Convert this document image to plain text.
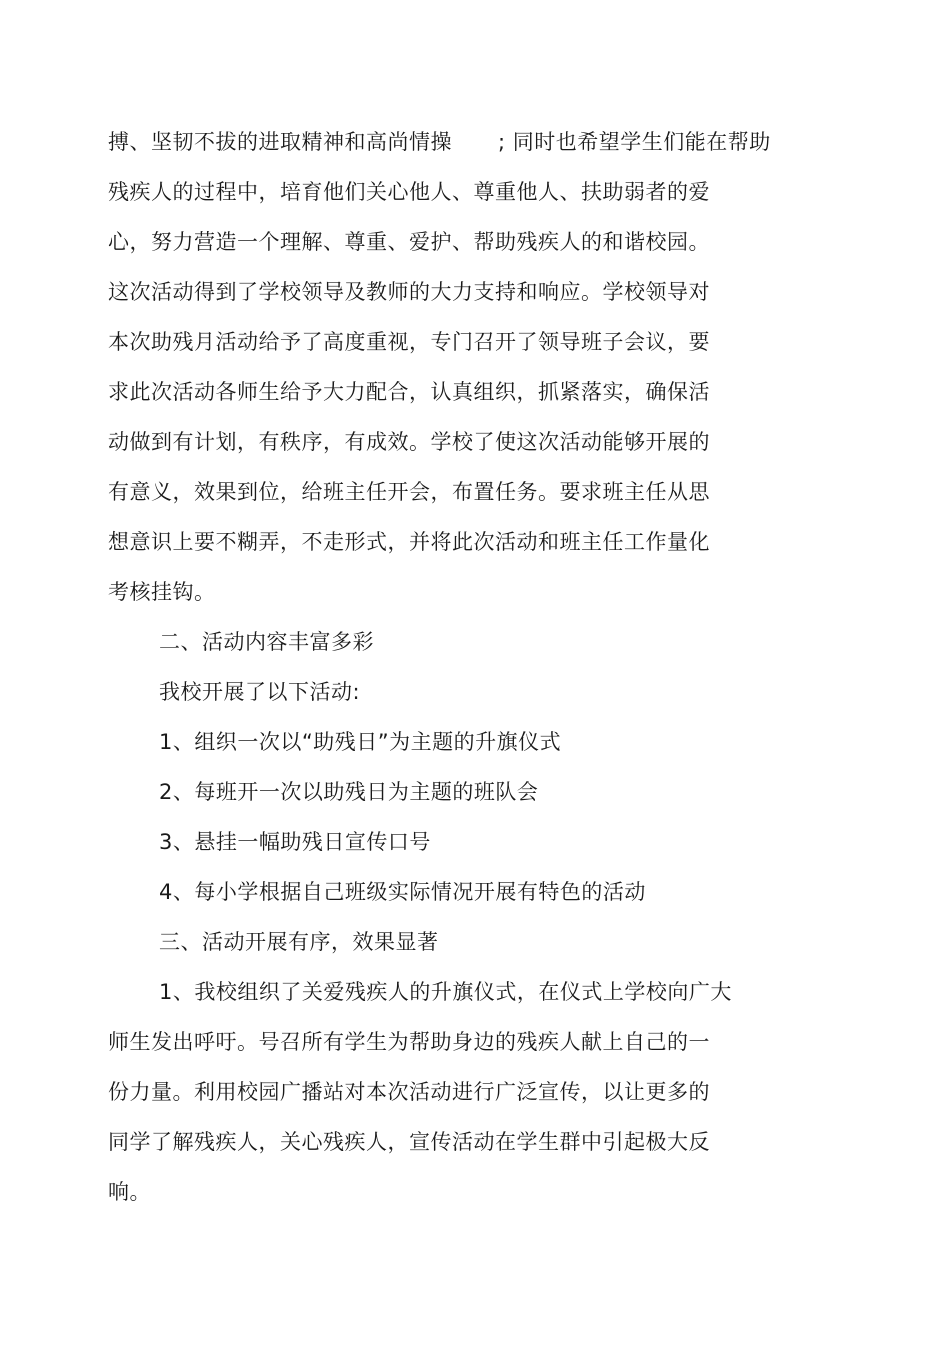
搏、坚韧不拔的进取精神和高尚情操 ; 同时也希望学生们能在帮助

残疾人的过程中，培育他们关心他人、尊重他人、扶助弱者的爱

心，努力营造一个理解、尊重、爱护、帮助残疾人的和谐校园。

这次活动得到了学校领导及教师的大力支持和响应。学校领导对

本次助残月活动给予了高度重视，专门召开了领导班子会议，要

求此次活动各师生给予大力配合，认真组织，抓紧落实，确保活

动做到有计划，有秩序，有成效。学校了使这次活动能够开展的

有意义，效果到位，给班主任开会，布置任务。要求班主任从思

想意识上要不糊弄，不走形式，并将此次活动和班主任工作量化

考核挂钩。

二、活动内容丰富多彩

我校开展了以下活动:

1、组织一次以“助残日”为主题的升旗仪式

2、每班开一次以助残日为主题的班队会

3、悬挂一幅助残日宣传口号

4、每小学根据自己班级实际情况开展有特色的活动

三、活动开展有序，效果显著

1、我校组织了关爱残疾人的升旗仪式，在仪式上学校向广大

师生发出呼吁。号召所有学生为帮助身边的残疾人献上自己的一

份力量。利用校园广播站对本次活动进行广泛宣传，以让更多的

同学了解残疾人，关心残疾人，宣传活动在学生群中引起极大反

响。
